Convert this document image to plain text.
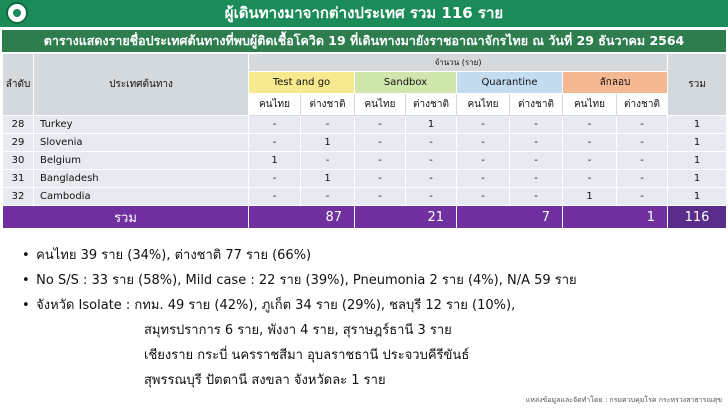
ผู้เดินทางมาจากต่างประเทศ รวม 116 ราย
ตารางแสดงรายชื่อประเทศต้นทางที่พบผู้ติดเชื้อโควิด 19 ที่เดินทางมายังราชอาณาจักรไทย ณ วันที่ 29 ธันวาคม 2564
ลำดับ	ประเทศต้นทาง	จำนวน (ราย)								รวม
		Test and go		Sandbox		Quarantine		ลักลอบ		
		คนไทย	ต่างชาติ	คนไทย	ต่างชาติ	คนไทย	ต่างชาติ	คนไทย	ต่างชาติ	
28	Turkey	-	-	-	1	-	-	-	-	1
29	Slovenia	-	1	-	-	-	-	-	-	1
30	Belgium	1	-	-	-	-	-	-	-	1
31	Bangladesh	-	1	-	-	-	-	-	-	1
32	Cambodia	-	-	-	-	-	-	1	-	1
รวม		87		21		7		1		116
• คนไทย 39 ราย (34%), ต่างชาติ 77 ราย (66%)
• No S/S : 33 ราย (58%), Mild case : 22 ราย (39%), Pneumonia 2 ราย (4%), N/A 59 ราย
• จังหวัด Isolate : กทม. 49 ราย (42%), ภูเก็ต 34 ราย (29%), ชลบุรี 12 ราย (10%),
สมุทรปราการ 6 ราย, พังงา 4 ราย, สุราษฎร์ธานี 3 ราย
เชียงราย กระบี่ นครราชสีมา อุบลราชธานี ประจวบคีรีขันธ์
สุพรรณบุรี ปัตตานี สงขลา จังหวัดละ 1 ราย
แหล่งข้อมูลและจัดทำโดย : กรมควบคุมโรค กระทรวงสาธารณสุข
